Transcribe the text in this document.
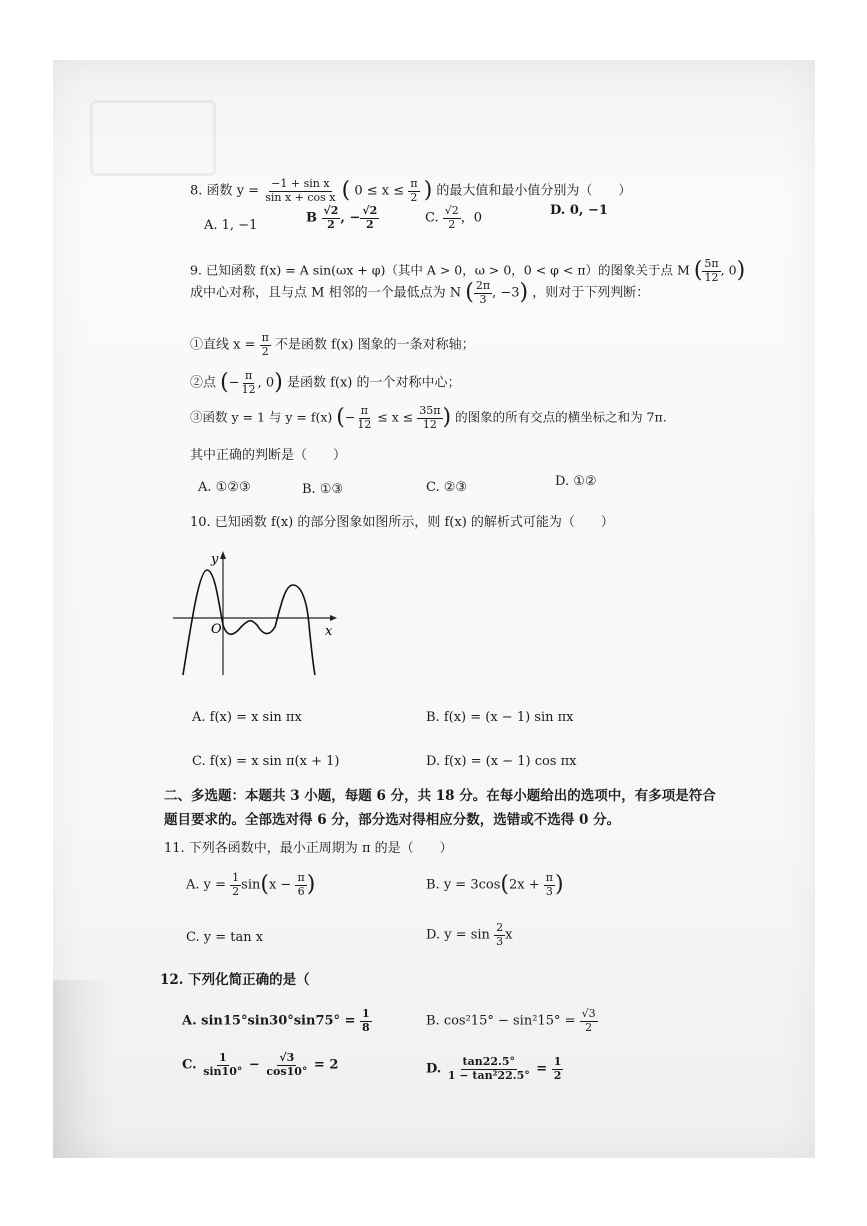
8. 函数 $y = \frac{\text{−1 + sin x}}{\text{sin x + cos x}}$ ( $0 \le x \le \frac{\pi}{2}$ ) 的最大值和最小值分别为（　　）
A. 1, −1	B $\frac{√2}{2}$ , − $\frac{√2}{2}$	C. $\frac{√2}{2}$ ，0
D. 0, −1
9. 已知函数 f(x) = A sin(ωx + φ)（其中 A > 0，ω > 0，0 < φ < π）的图象关于点 M ( $\frac{5\pi}{12}$ , 0)
成中心对称，且与点 M 相邻的一个最低点为 N ( $\frac{2\pi}{3}$ , −3) ，则对于下列判断：
①直线 $x = \frac{\pi}{2}$ 不是函数 f(x) 图象的一条对称轴；
②点 (− $\frac{\pi}{12}$ , 0) 是函数 f(x) 的一个对称中心；
③函数 y = 1 与 y = f(x) (− $\frac{\pi}{12} \le x \le \frac{35\pi}{12}$ ) 的图象的所有交点的横坐标之和为 7π.
其中正确的判断是（　　）
A. ①②③	B. ①③	C. ②③	D. ①②
10. 已知函数 f(x) 的部分图象如图所示，则 f(x) 的解析式可能为（　　）
O	x
y
A. f(x) = x sin πx	B. f(x) = (x − 1) sin πx
C. f(x) = x sin π(x + 1)	D. f(x) = (x − 1) cos πx
二、多选题：本题共 3 小题，每题 6 分，共 18 分。在每小题给出的选项中，有多项是符合
题目要求的。全部选对得 6 分，部分选对得相应分数，选错或不选得 0 分。
11. 下列各函数中，最小正周期为 π 的是（　　）
A. $y = \frac{1}{2} \sin(x - \frac{\pi}{6}$ )	B. $y = 3\cos(2x + \frac{\pi}{3}$ )
C. y = tan x	D. $y = \sin \frac{2}{3}$ x
12. 下列化简正确的是（
A. $\sin 15^\circ\sin 30^\circ\sin 75^\circ = \frac{1}{8}$	B. $\cos^215^\circ - \sin^215^\circ = \frac{√3}{2}$
C. $\frac{1}{\sin 10^\circ} - \frac{√3}{\cos 10^\circ} = 2$	D. $\frac{\tan 22.5^\circ}{\text{1 − tan²22.5°}} = \frac{1}{2}$
